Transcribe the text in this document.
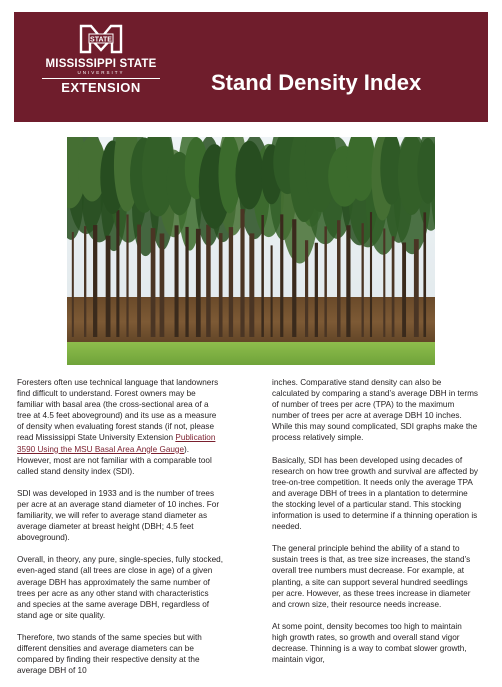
STATE
MISSISSIPPI STATE
UNIVERSITY
EXTENSION	Stand Density Index

Foresters often use technical language that landowners find difficult to understand. Forest owners may be familiar with basal area (the cross-sectional area of a tree at 4.5 feet aboveground) and its use as a measure of density when evaluating forest stands (if not, please read Mississippi State University Extension Publication 3590 Using the MSU Basal Area Angle Gauge). However, most are not familiar with a comparable tool called stand density index (SDI).

SDI was developed in 1933 and is the number of trees per acre at an average stand diameter of 10 inches. For familiarity, we will refer to average stand diameter as average diameter at breast height (DBH; 4.5 feet aboveground).

Overall, in theory, any pure, single-species, fully stocked, even-aged stand (all trees are close in age) of a given average DBH has approximately the same number of trees per acre as any other stand with characteristics and species at the same average DBH, regardless of stand age or site quality.

Therefore, two stands of the same species but with different densities and average diameters can be compared by finding their respective density at the average DBH of 10

inches. Comparative stand density can also be calculated by comparing a stand’s average DBH in terms of number of trees per acre (TPA) to the maximum number of trees per acre at average DBH 10 inches. While this may sound complicated, SDI graphs make the process relatively simple.

Basically, SDI has been developed using decades of research on how tree growth and survival are affected by tree-on-tree competition. It needs only the average TPA and average DBH of trees in a plantation to determine the stocking level of a particular stand. This stocking information is used to determine if a thinning operation is needed.

The general principle behind the ability of a stand to sustain trees is that, as tree size increases, the stand’s overall tree numbers must decrease. For example, at planting, a site can support several hundred seedlings per acre. However, as these trees increase in diameter and crown size, their resource needs increase.

At some point, density becomes too high to maintain high growth rates, so growth and overall stand vigor decrease. Thinning is a way to combat slower growth, maintain vigor,
